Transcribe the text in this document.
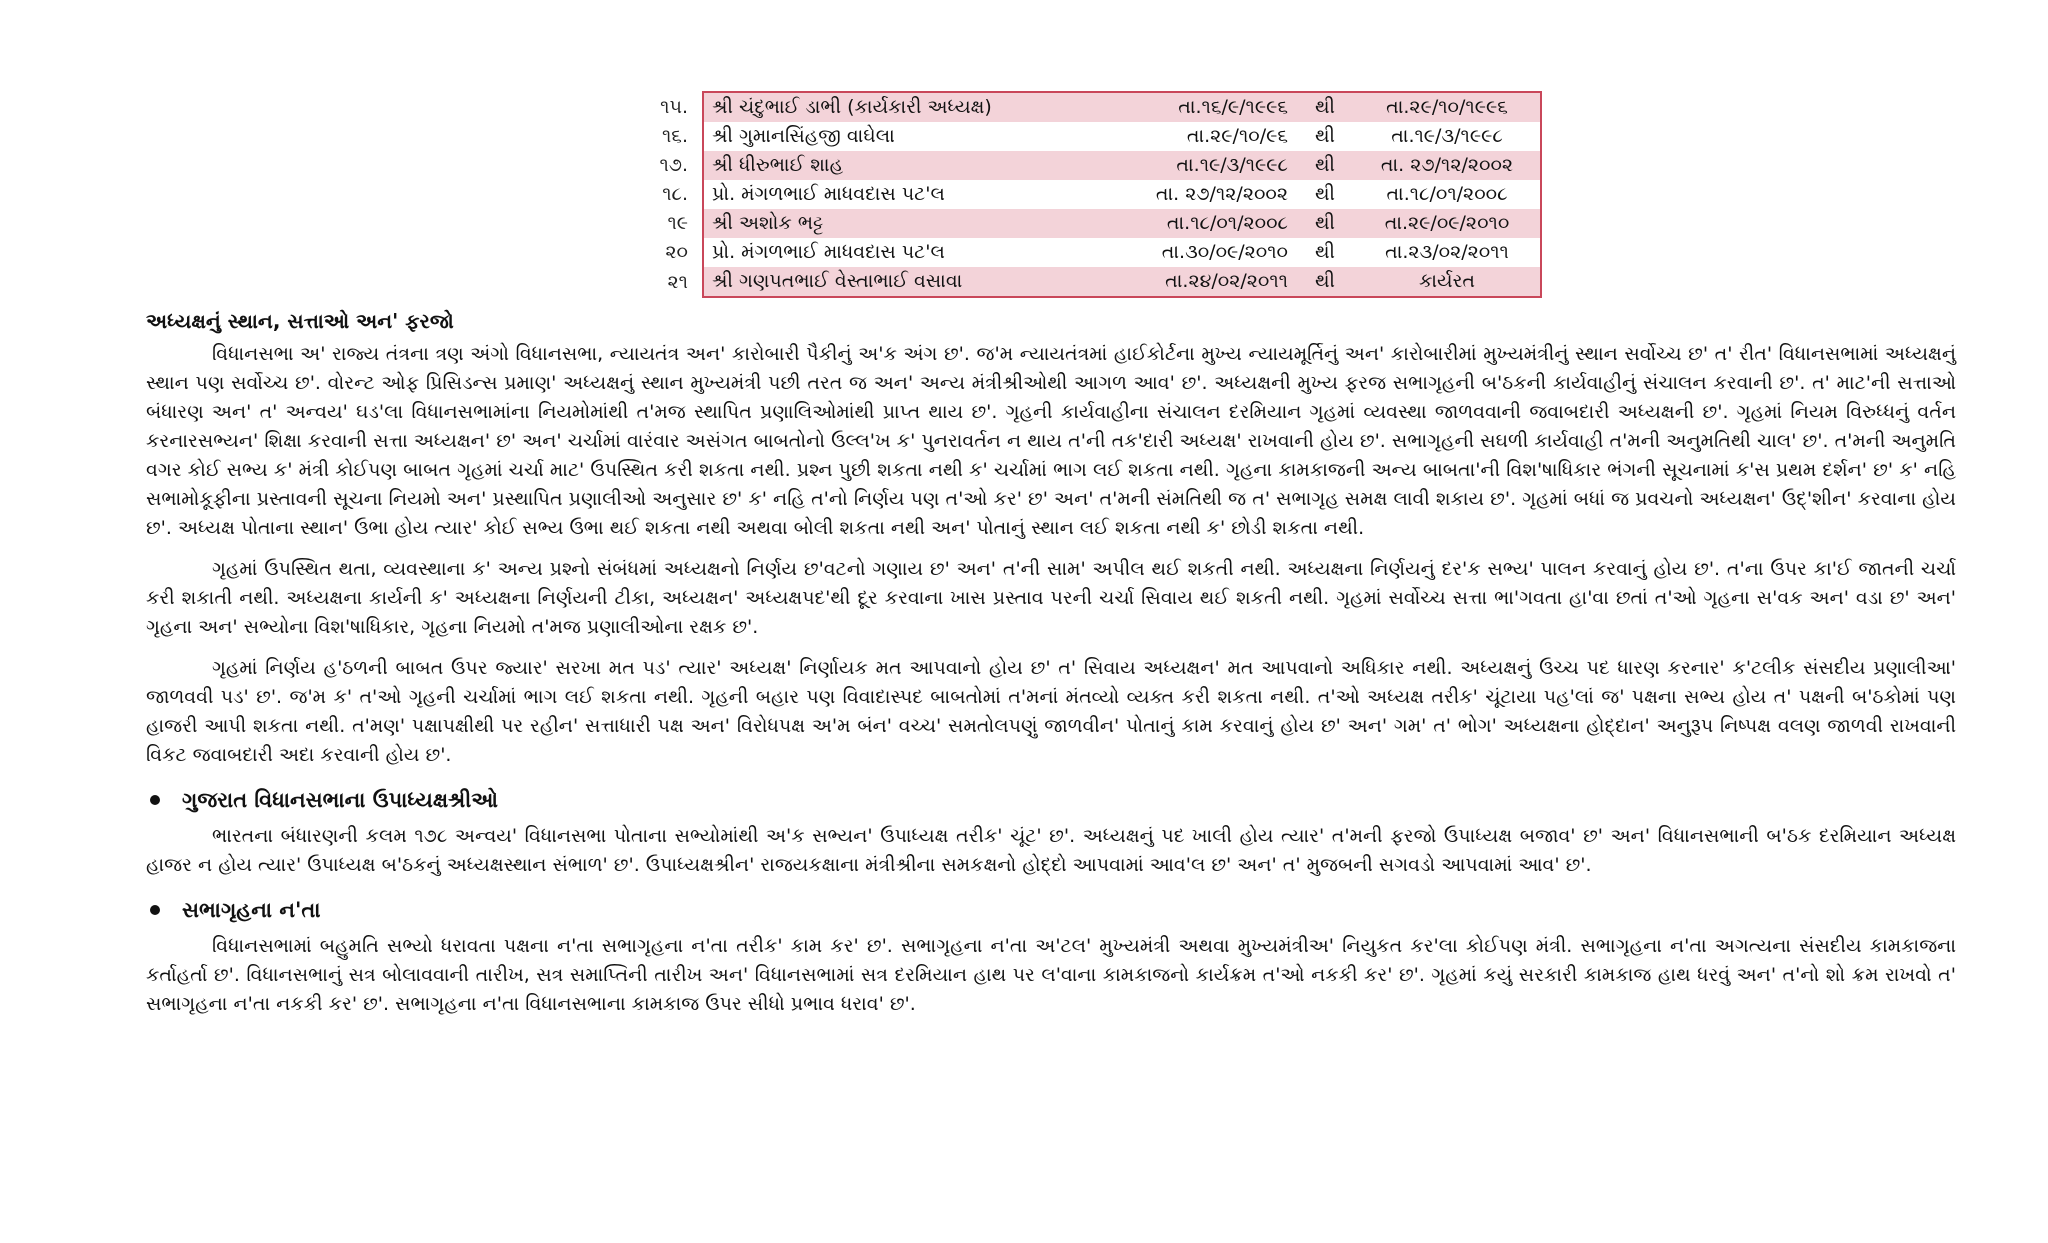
૧૫.	શ્રી ચંદુભાઈ ડાભી (કાર્યકારી અધ્યક્ષ)	તા.૧૬/૯/૧૯૯૬	થી	તા.૨૯/૧૦/૧૯૯૬
૧૬.	શ્રી ગુમાનસિંહજી વાઘેલા	તા.૨૯/૧૦/૯૬	થી	તા.૧૯/૩/૧૯૯૮
૧૭.	શ્રી ધીરુભાઈ શાહ	તા.૧૯/૩/૧૯૯૮	થી	તા. ૨૭/૧૨/૨૦૦૨
૧૮.	પ્રો. મંગળભાઈ માધવદાસ પટ'લ	તા. ૨૭/૧૨/૨૦૦૨	થી	તા.૧૮/૦૧/૨૦૦૮
૧૯	શ્રી અશોક ભટ્ટ	તા.૧૮/૦૧/૨૦૦૮	થી	તા.૨૯/૦૯/૨૦૧૦
૨૦	પ્રો. મંગળભાઈ માધવદાસ પટ'લ	તા.૩૦/૦૯/૨૦૧૦	થી	તા.૨૩/૦૨/૨૦૧૧
૨૧	શ્રી ગણપતભાઈ વેસ્તાભાઈ વસાવા	તા.૨૪/૦૨/૨૦૧૧	થી	કાર્યરત
અધ્યક્ષનું સ્થાન, સત્તાઓ અન' ફરજો

વિધાનસભા અ' રાજ્ય તંત્રના ત્રણ અંગો વિધાનસભા, ન્યાયતંત્ર અન' કારોબારી પૈકીનું અ'ક અંગ છ'. જ'મ ન્યાયતંત્રમાં હાઈકોર્ટના મુખ્ય ન્યાયમૂર્તિનું અન' કારોબારીમાં મુખ્યમંત્રીનું સ્થાન સર્વોચ્ચ છ' ત' રીત' વિધાનસભામાં અધ્યક્ષનું સ્થાન પણ સર્વોચ્ચ છ'. વોરન્ટ ઓફ પ્રિસિડન્સ પ્રમાણ' અધ્યક્ષનું સ્થાન મુખ્યમંત્રી પછી તરત જ અન' અન્ય મંત્રીશ્રીઓથી આગળ આવ' છ'. અધ્યક્ષની મુખ્ય ફરજ સભાગૃહની બ'ઠકની કાર્યવાહીનું સંચાલન કરવાની છ'. ત' માટ'ની સત્તાઓ બંધારણ અન' ત' અન્વય' ઘડ'લા વિધાનસભામાંના નિયમોમાંથી ત'મજ સ્થાપિત પ્રણાલિઓમાંથી પ્રાપ્ત થાય છ'. ગૃહની કાર્યવાહીના સંચાલન દરમિયાન ગૃહમાં વ્યવસ્થા જાળવવાની જવાબદારી અધ્યક્ષની છ'. ગૃહમાં નિયમ વિરુધ્ધનું વર્તન કરનારસભ્યન' શિક્ષા કરવાની સત્તા અધ્યક્ષન' છ' અન' ચર્ચામાં વારંવાર અસંગત બાબતોનો ઉલ્લ'ખ ક' પુનરાવર્તન ન થાય ત'ની તક'દારી અધ્યક્ષ' રાખવાની હોય છ'. સભાગૃહની સઘળી કાર્યવાહી ત'મની અનુમતિથી ચાલ' છ'. ત'મની અનુમતિ વગર કોઈ સભ્ય ક' મંત્રી કોઈપણ બાબત ગૃહમાં ચર્ચા માટ' ઉપસ્થિત કરી શકતા નથી. પ્રશ્ન પુછી શકતા નથી ક' ચર્ચામાં ભાગ લઈ શકતા નથી. ગૃહના કામકાજની અન્ય બાબતા'ની વિશ'ષાધિકાર ભંગની સૂચનામાં ક'સ પ્રથમ દર્શન' છ' ક' નહિ સભામોકૂફીના પ્રસ્તાવની સૂચના નિયમો અન' પ્રસ્થાપિત પ્રણાલીઓ અનુસાર છ' ક' નહિ ત'નો નિર્ણય પણ ત'ઓ કર' છ' અન' ત'મની સંમતિથી જ ત' સભાગૃહ સમક્ષ લાવી શકાય છ'. ગૃહમાં બધાં જ પ્રવચનો અધ્યક્ષન' ઉદ્'શીન' કરવાના હોય છ'. અધ્યક્ષ પોતાના સ્થાન' ઉભા હોય ત્યાર' કોઈ સભ્ય ઉભા થઈ શકતા નથી અથવા બોલી શકતા નથી અન' પોતાનું સ્થાન લઈ શકતા નથી ક' છોડી શકતા નથી.

ગૃહમાં ઉપસ્થિત થતા, વ્યવસ્થાના ક' અન્ય પ્રશ્નો સંબંધમાં અધ્યક્ષનો નિર્ણય છ'વટનો ગણાય છ' અન' ત'ની સામ' અપીલ થઈ શકતી નથી. અધ્યક્ષના નિર્ણયનું દર'ક સભ્ય' પાલન કરવાનું હોય છ'. ત'ના ઉપર કા'ઈ જાતની ચર્ચા કરી શકાતી નથી. અધ્યક્ષના કાર્યની ક' અધ્યક્ષના નિર્ણયની ટીકા, અધ્યક્ષન' અધ્યક્ષપદ'થી દૂર કરવાના ખાસ પ્રસ્તાવ પરની ચર્ચા સિવાય થઈ શકતી નથી. ગૃહમાં સર્વોચ્ચ સત્તા ભા'ગવતા હા'વા છતાં ત'ઓ ગૃહના સ'વક અન' વડા છ' અન' ગૃહના અન' સભ્યોના વિશ'ષાધિકાર, ગૃહના નિયમો ત'મજ પ્રણાલીઓના રક્ષક છ'.

ગૃહમાં નિર્ણય હ'ઠળની બાબત ઉપર જ્યાર' સરખા મત પડ' ત્યાર' અધ્યક્ષ' નિર્ણાયક મત આપવાનો હોય છ' ત' સિવાય અધ્યક્ષન' મત આપવાનો અધિકાર નથી. અધ્યક્ષનું ઉચ્ચ પદ ધારણ કરનાર' ક'ટલીક સંસદીય પ્રણાલીઆ' જાળવવી પડ' છ'. જ'મ ક' ત'ઓ ગૃહની ચર્ચામાં ભાગ લઈ શકતા નથી. ગૃહની બહાર પણ વિવાદાસ્પદ બાબતોમાં ત'મનાં મંતવ્યો વ્યક્ત કરી શકતા નથી. ત'ઓ અધ્યક્ષ તરીક' ચૂંટાયા પહ'લાં જ' પક્ષના સભ્ય હોય ત' પક્ષની બ'ઠકોમાં પણ હાજરી આપી શકતા નથી. ત'મણ' પક્ષાપક્ષીથી પર રહીન' સત્તાધારી પક્ષ અન' વિરોધપક્ષ અ'મ બંન' વચ્ચ' સમતોલપણું જાળવીન' પોતાનું કામ કરવાનું હોય છ' અન' ગમ' ત' ભોગ' અધ્યક્ષના હોદ્દાન' અનુરૂપ નિષ્પક્ષ વલણ જાળવી રાખવાની વિકટ જવાબદારી અદા કરવાની હોય છ'.

ગુજરાત વિધાનસભાના ઉપાધ્યક્ષશ્રીઓ

ભારતના બંધારણની કલમ ૧૭૮ અન્વય' વિધાનસભા પોતાના સભ્યોમાંથી અ'ક સભ્યન' ઉપાધ્યક્ષ તરીક' ચૂંટ' છ'. અધ્યક્ષનું પદ ખાલી હોય ત્યાર' ત'મની ફરજો ઉપાધ્યક્ષ બજાવ' છ' અન' વિધાનસભાની બ'ઠક દરમિયાન અધ્યક્ષ હાજર ન હોય ત્યાર' ઉપાધ્યક્ષ બ'ઠકનું અધ્યક્ષસ્થાન સંભાળ' છ'. ઉપાધ્યક્ષશ્રીન' રાજયકક્ષાના મંત્રીશ્રીના સમકક્ષનો હોદ્દો આપવામાં આવ'લ છ' અન' ત' મુજબની સગવડો આપવામાં આવ' છ'.

સભાગૃહના ન'તા

વિધાનસભામાં બહુમતિ સભ્યો ધરાવતા પક્ષના ન'તા સભાગૃહના ન'તા તરીક' કામ કર' છ'. સભાગૃહના ન'તા અ'ટલ' મુખ્યમંત્રી અથવા મુખ્યમંત્રીઅ' નિયુકત કર'લા કોઈપણ મંત્રી. સભાગૃહના ન'તા અગત્યના સંસદીય કામકાજના કર્તાહર્તા છ'. વિધાનસભાનું સત્ર બોલાવવાની તારીખ, સત્ર સમાપ્તિની તારીખ અન' વિધાનસભામાં સત્ર દરમિયાન હાથ પર લ'વાના કામકાજનો કાર્યક્રમ ત'ઓ નકકી કર' છ'. ગૃહમાં કયું સરકારી કામકાજ હાથ ધરવું અન' ત'નો શો ક્રમ રાખવો ત' સભાગૃહના ન'તા નકકી કર' છ'. સભાગૃહના ન'તા વિધાનસભાના કામકાજ ઉપર સીધો પ્રભાવ ધરાવ' છ'.
